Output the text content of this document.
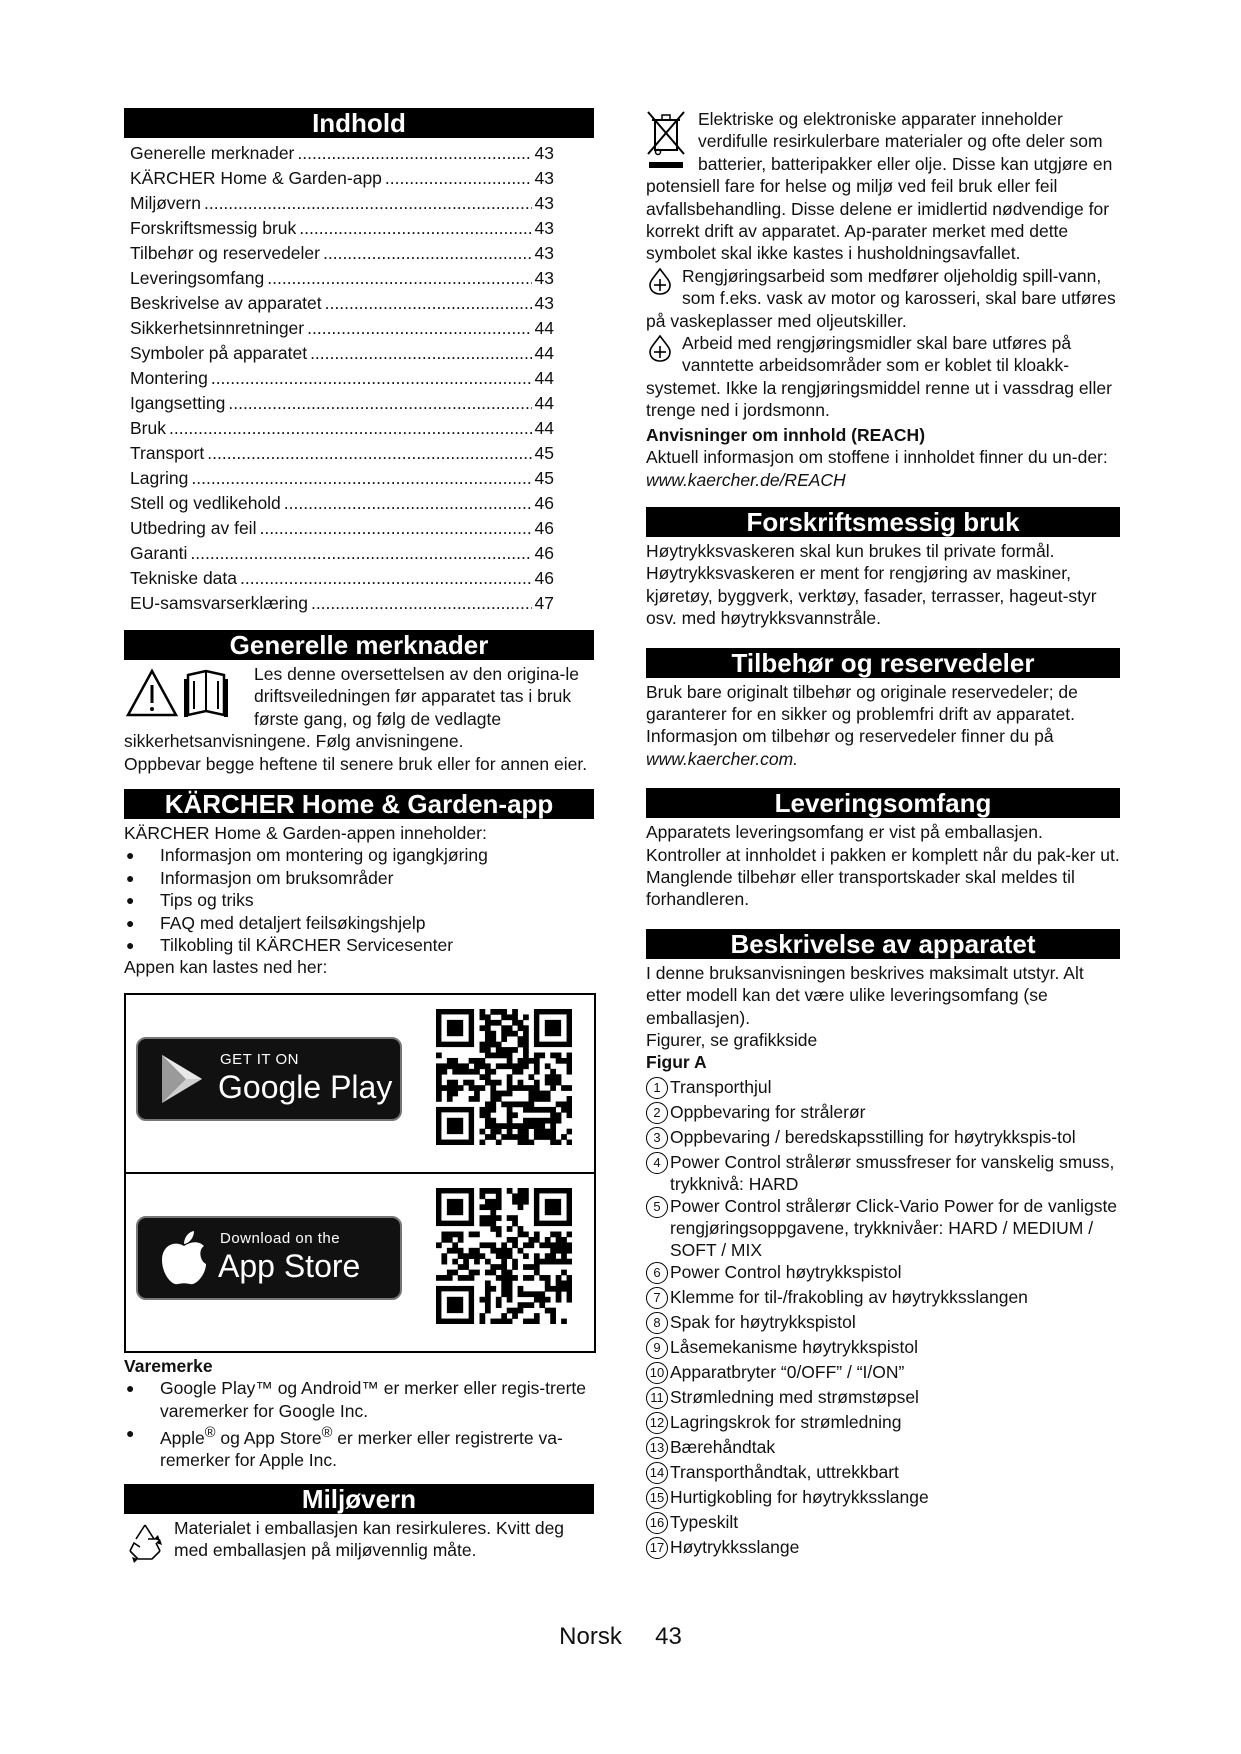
Indhold
Generelle merknader .....	43
KÄRCHER Home & Garden-app .....	43
Miljøvern .....	43
Forskriftsmessig bruk .....	43
Tilbehør og reservedeler .....	43
Leveringsomfang .....	43
Beskrivelse av apparatet .....	43
Sikkerhetsinnretninger .....	44
Symboler på apparatet .....	44
Montering .....	44
Igangsetting .....	44
Bruk .....	44
Transport .....	45
Lagring .....	45
Stell og vedlikehold .....	46
Utbedring av feil .....	46
Garanti .....	46
Tekniske data .....	46
EU-samsvarserklæring .....	47
Generelle merknader

Les denne oversettelsen av den origina-le driftsveiledningen før apparatet tas i bruk første gang, og følg de vedlagte sikkerhetsanvisningene. Følg anvisningene.

Oppbevar begge heftene til senere bruk eller for annen eier.

KÄRCHER Home & Garden-app

KÄRCHER Home & Garden-appen inneholder:

●	Informasjon om montering og igangkjøring
●	Informasjon om bruksområder
●	Tips og triks
●	FAQ med detaljert feilsøkingshjelp
●	Tilkobling til KÄRCHER Servicesenter

Appen kan lastes ned her:

GET IT ON
Google Play
Download on the
App Store

Varemerke

●	Google Play™ og Android™ er merker eller regis-trerte varemerker for Google Inc.
●	Apple® og App Store® er merker eller registrerte va-remerker for Apple Inc.
Miljøvern

Materialet i emballasjen kan resirkuleres. Kvitt deg med emballasjen på miljøvennlig måte.

Elektriske og elektroniske apparater inneholder verdifulle resirkulerbare materialer og ofte deler som batterier, batteripakker eller olje. Disse kan utgjøre en potensiell fare for helse og miljø ved feil bruk eller feil avfallsbehandling. Disse delene er imidlertid nødvendige for korrekt drift av apparatet. Ap-parater merket med dette symbolet skal ikke kastes i husholdningsavfallet.

Rengjøringsarbeid som medfører oljeholdig spill-vann, som f.eks. vask av motor og karosseri, skal bare utføres på vaskeplasser med oljeutskiller.

Arbeid med rengjøringsmidler skal bare utføres på vanntette arbeidsområder som er koblet til kloakk-systemet. Ikke la rengjøringsmiddel renne ut i vassdrag eller trenge ned i jordsmonn.

Anvisninger om innhold (REACH)

Aktuell informasjon om stoffene i innholdet finner du un-der: www.kaercher.de/REACH

Forskriftsmessig bruk

Høytrykksvaskeren skal kun brukes til private formål. Høytrykksvaskeren er ment for rengjøring av maskiner, kjøretøy, byggverk, verktøy, fasader, terrasser, hageut-styr osv. med høytrykksvannstråle.

Tilbehør og reservedeler

Bruk bare originalt tilbehør og originale reservedeler; de garanterer for en sikker og problemfri drift av apparatet. Informasjon om tilbehør og reservedeler finner du på www.kaercher.com.

Leveringsomfang

Apparatets leveringsomfang er vist på emballasjen. Kontroller at innholdet i pakken er komplett når du pak-ker ut. Manglende tilbehør eller transportskader skal meldes til forhandleren.

Beskrivelse av apparatet

I denne bruksanvisningen beskrives maksimalt utstyr. Alt etter modell kan det være ulike leveringsomfang (se emballasjen).

Figurer, se grafikkside

Figur A

1 Transporthjul
2 Oppbevaring for strålerør
3 Oppbevaring / beredskapsstilling for høytrykkspis-tol
4 Power Control strålerør smussfreser for vanskelig smuss, trykknivå: HARD
5 Power Control strålerør Click-Vario Power for de vanligste rengjøringsoppgavene, trykknivåer: HARD / MEDIUM / SOFT / MIX
6 Power Control høytrykkspistol
7 Klemme for til-/frakobling av høytrykksslangen
8 Spak for høytrykkspistol
9 Låsemekanisme høytrykkspistol
10 Apparatbryter “0/OFF” / “I/ON”
11 Strømledning med strømstøpsel
12 Lagringskrok for strømledning
13 Bærehåndtak
14 Transporthåndtak, uttrekkbart
15 Hurtigkobling for høytrykksslange
16 Typeskilt
17 Høytrykksslange
Norsk 43
